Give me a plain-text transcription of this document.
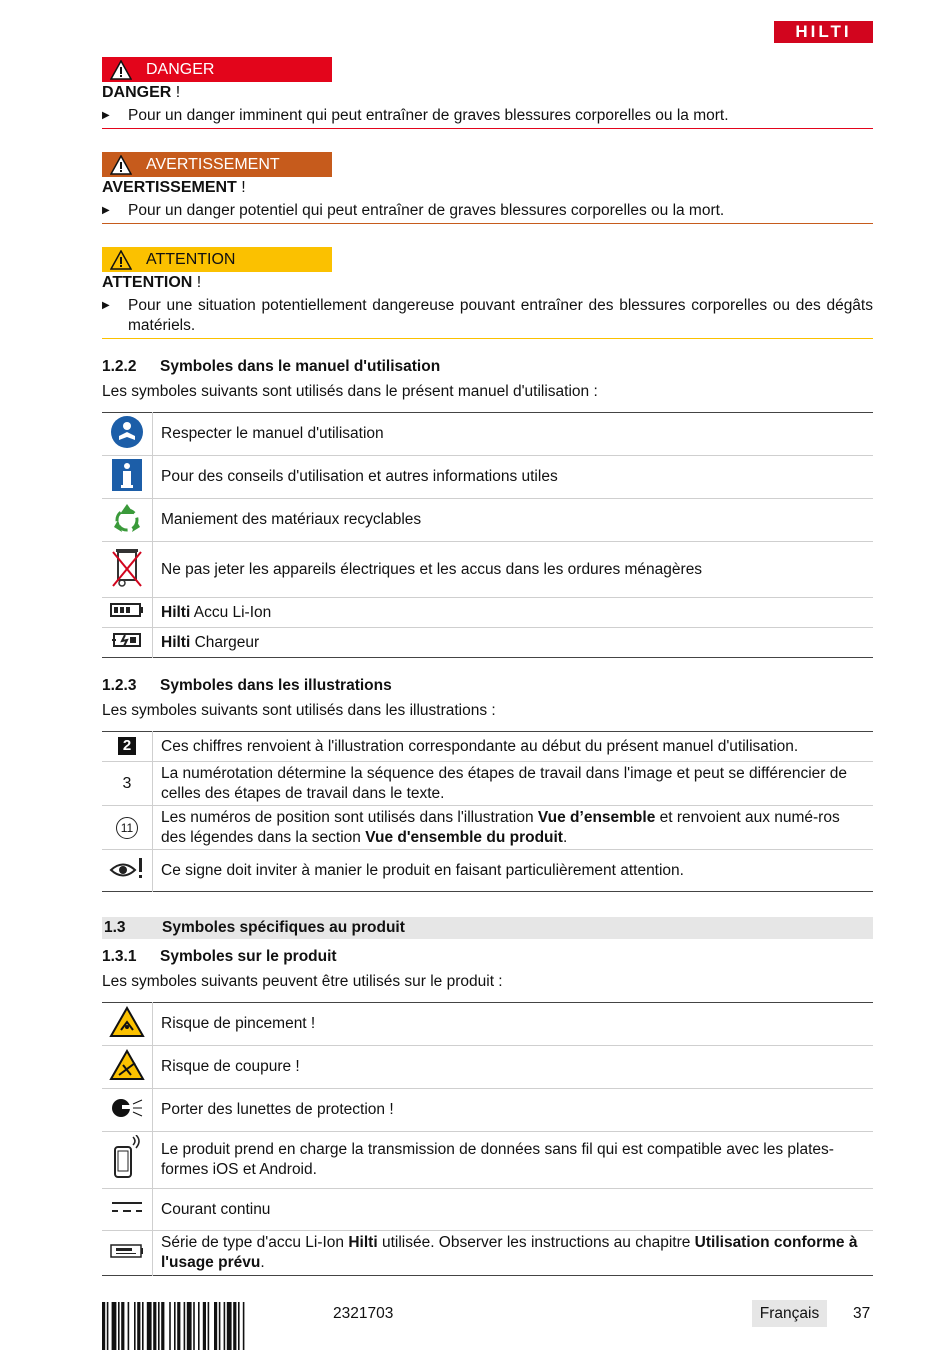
HILTI
DANGER
DANGER !
▶ Pour un danger imminent qui peut entraîner de graves blessures corporelles ou la mort.
AVERTISSEMENT
AVERTISSEMENT !
▶ Pour un danger potentiel qui peut entraîner de graves blessures corporelles ou la mort.
ATTENTION
ATTENTION !
▶ Pour une situation potentiellement dangereuse pouvant entraîner des blessures corporelles ou des dégâts matériels.
1.2.2 Symboles dans le manuel d'utilisation
Les symboles suivants sont utilisés dans le présent manuel d'utilisation :
	Respecter le manuel d'utilisation
	Pour des conseils d'utilisation et autres informations utiles
	Maniement des matériaux recyclables
	Ne pas jeter les appareils électriques et les accus dans les ordures ménagères
	Hilti Accu Li-Ion
	Hilti Chargeur
1.2.3 Symboles dans les illustrations
Les symboles suivants sont utilisés dans les illustrations :
2	Ces chiffres renvoient à l'illustration correspondante au début du présent manuel d'utilisation.
3	La numérotation détermine la séquence des étapes de travail dans l'image et peut se différencier de celles des étapes de travail dans le texte.
11	Les numéros de position sont utilisés dans l'illustration Vue d’ensemble et renvoient aux numé-ros des légendes dans la section Vue d'ensemble du produit.
	Ce signe doit inviter à manier le produit en faisant particulièrement attention.
1.3	Symboles spécifiques au produit
1.3.1 Symboles sur le produit
Les symboles suivants peuvent être utilisés sur le produit :
	Risque de pincement !
	Risque de coupure !
	Porter des lunettes de protection !
	Le produit prend en charge la transmission de données sans fil qui est compatible avec les plates-formes iOS et Android.
	Courant continu
	Série de type d'accu Li-Ion Hilti utilisée. Observer les instructions au chapitre Utilisation conforme à l'usage prévu.
2321703	Français	37
